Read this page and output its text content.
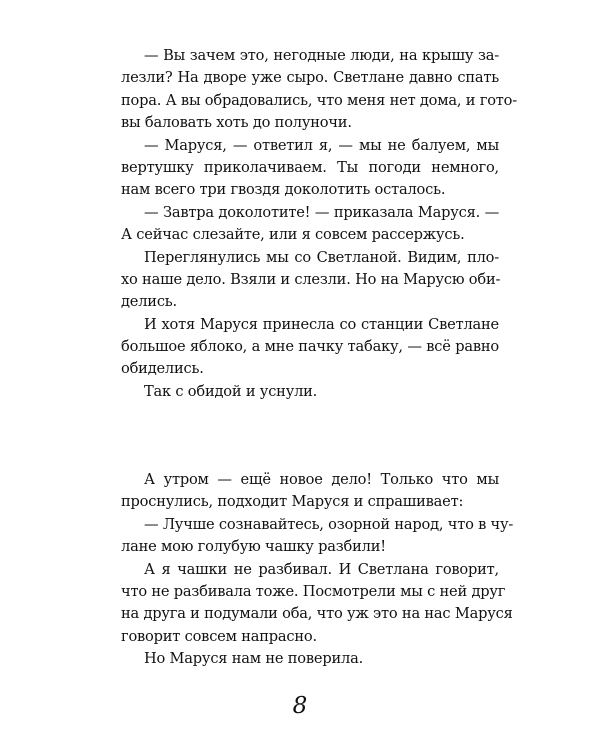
— Вы зачем это, негодные люди, на крышу за-
лезли? На дворе уже сыро. Светлане давно спать
пора. А вы обрадовались, что меня нет дома, и гото-
вы баловать хоть до полуночи.
— Маруся, — ответил я, — мы не балуем, мы
вертушку приколачиваем. Ты погоди немного,
нам всего три гвоздя доколотить осталось.
— Завтра доколотите! — приказала Маруся. —
А сейчас слезайте, или я совсем рассержусь.
Переглянулись мы со Светланой. Видим, пло-
хо наше дело. Взяли и слезли. Но на Марусю оби-
делись.
И хотя Маруся принесла со станции Светлане
большое яблоко, а мне пачку табаку, — всё равно
обиделись.
Так с обидой и уснули.
А утром — ещё новое дело! Только что мы
проснулись, подходит Маруся и спрашивает:
— Лучше сознавайтесь, озорной народ, что в чу-
лане мою голубую чашку разбили!
А я чашки не разбивал. И Светлана говорит,
что не разбивала тоже. Посмотрели мы с ней друг
на друга и подумали оба, что уж это на нас Маруся
говорит совсем напрасно.
Но Маруся нам не поверила.
8
